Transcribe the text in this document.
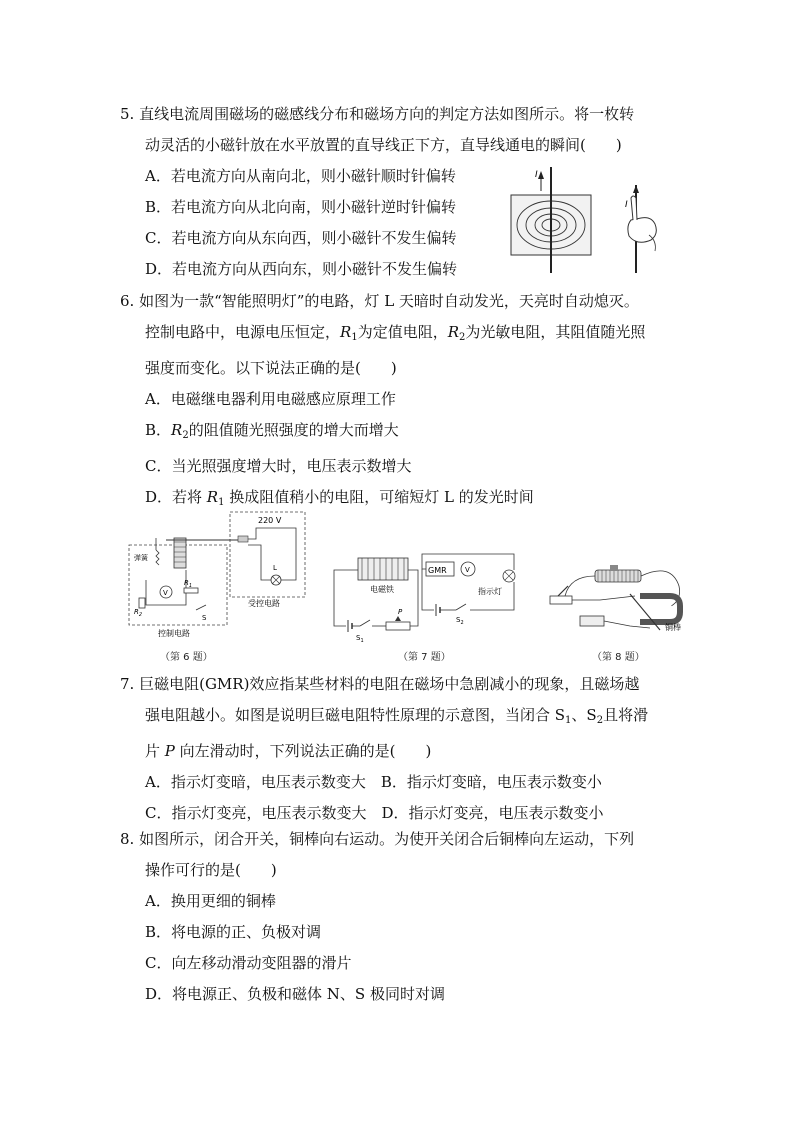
5. 直线电流周围磁场的磁感线分布和磁场方向的判定方法如图所示。将一枚转
动灵活的小磁针放在水平放置的直导线正下方，直导线通电的瞬间(　　)
A．若电流方向从南向北，则小磁针顺时针偏转
B．若电流方向从北向南，则小磁针逆时针偏转
C．若电流方向从东向西，则小磁针不发生偏转
D．若电流方向从西向东，则小磁针不发生偏转
I
I
6. 如图为一款“智能照明灯”的电路，灯 L 天暗时自动发光，天亮时自动熄灭。
控制电路中，电源电压恒定，$R_1$为定值电阻，$R_2$为光敏电阻，其阻值随光照
强度而变化。以下说法正确的是(　　)
A．电磁继电器利用电磁感应原理工作
B．$R_2$的阻值随光照强度的增大而增大
C．当光照强度增大时，电压表示数增大
D．若将 $R_1$ 换成阻值稍小的电阻，可缩短灯 L 的发光时间
V
$R_1$
$R_2$	S
弹簧
控制电路
220 V
L
受控电路
（第 6 题）
电磁铁
$S_1$
P
GMR	V
指示灯
$S_2$
（第 7 题）
铜棒
（第 8 题）
7. 巨磁电阻(GMR)效应指某些材料的电阻在磁场中急剧减小的现象，且磁场越
强电阻越小。如图是说明巨磁电阻特性原理的示意图，当闭合 $S_1$、$S_2$且将滑
片 P 向左滑动时，下列说法正确的是(　　)
A．指示灯变暗，电压表示数变大　B．指示灯变暗，电压表示数变小
C．指示灯变亮，电压表示数变大　D．指示灯变亮，电压表示数变小
8. 如图所示，闭合开关，铜棒向右运动。为使开关闭合后铜棒向左运动，下列
操作可行的是(　　)
A．换用更细的铜棒
B．将电源的正、负极对调
C．向左移动滑动变阻器的滑片
D．将电源正、负极和磁体 N、S 极同时对调
